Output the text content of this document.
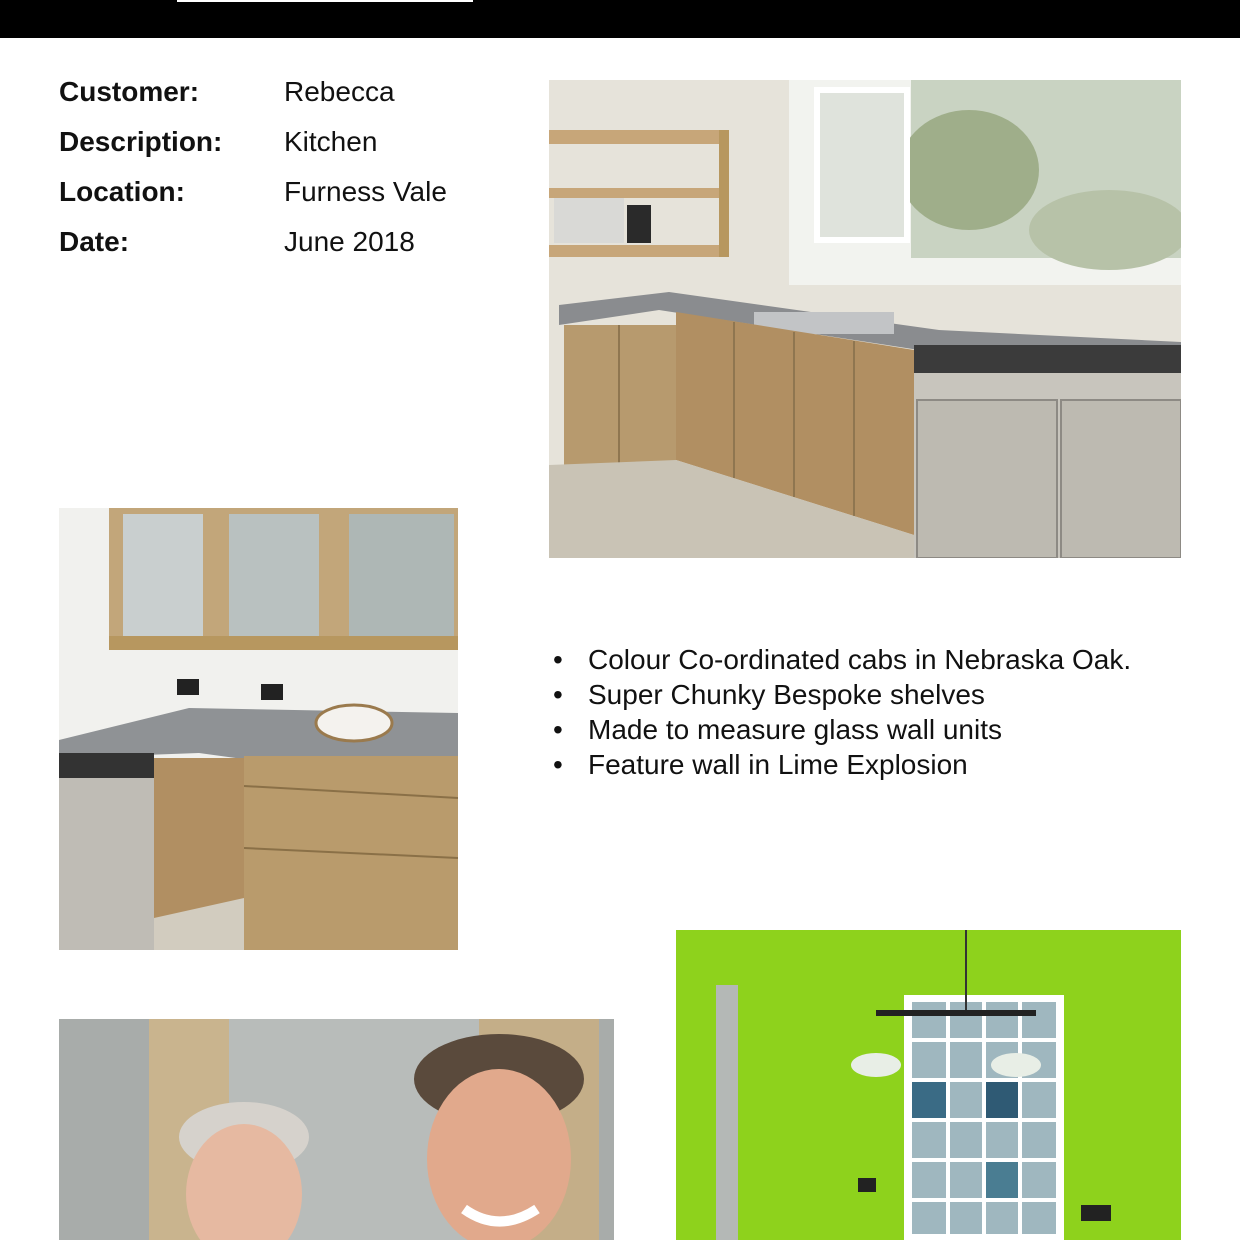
Customer:	Rebecca
Description: Kitchen
Location:	Furness Vale
Date:	June 2018
• Colour Co-ordinated cabs in Nebraska Oak.
• Super Chunky Bespoke shelves
• Made to measure glass wall units
• Feature wall in Lime Explosion
